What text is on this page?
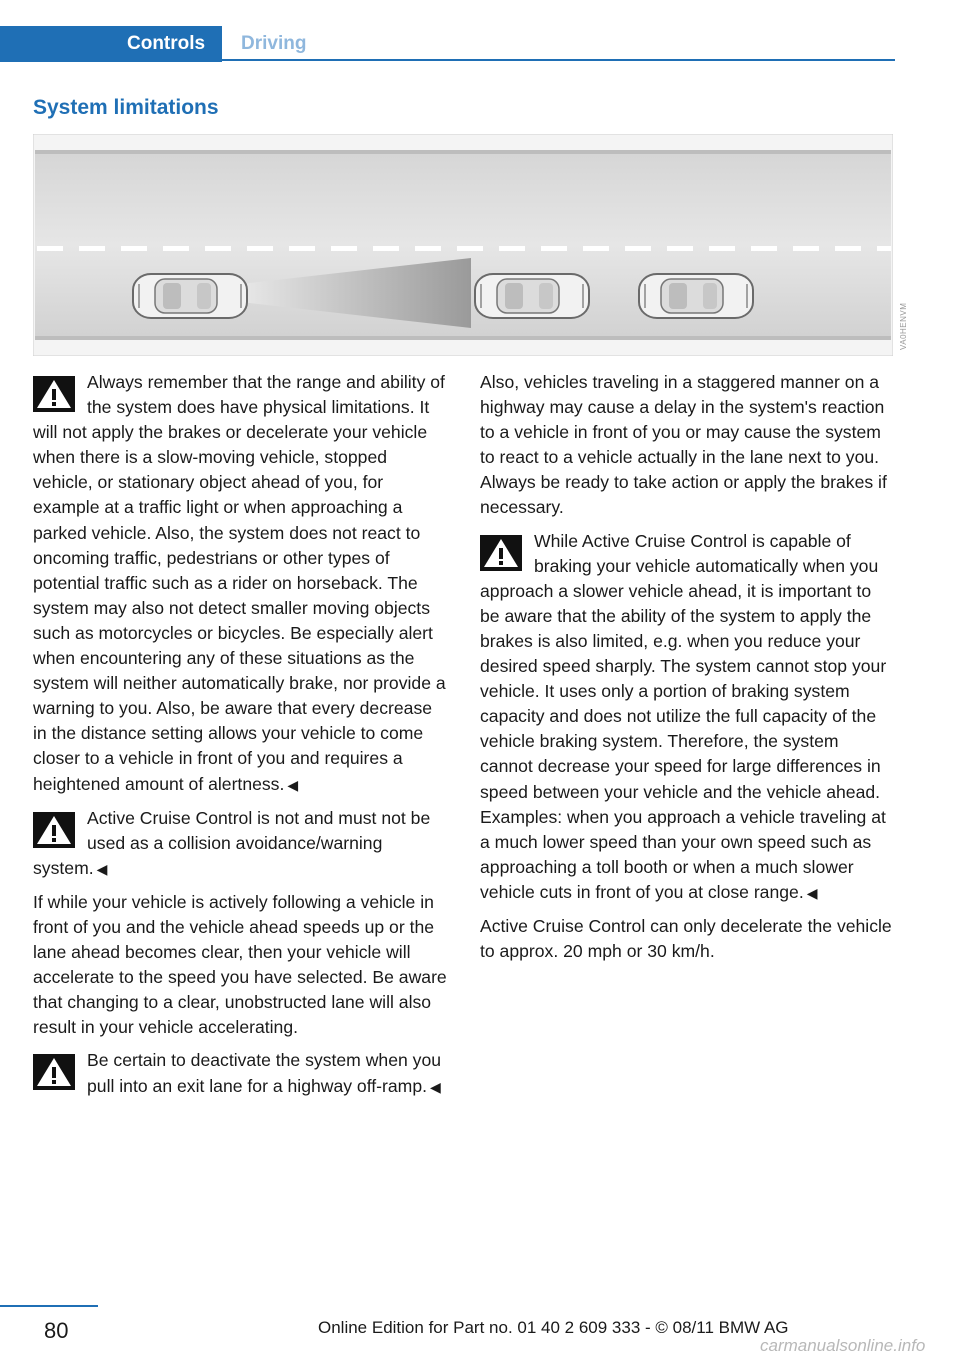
Controls	Driving
System limitations
VA0HENVM

Always remember that the range and ability of the system does have physical limitations. It will not apply the brakes or decelerate your vehicle when there is a slow-moving vehicle, stopped vehicle, or stationary object ahead of you, for example at a traffic light or when approaching a parked vehicle. Also, the system does not react to oncoming traffic, pedestrians or other types of potential traffic such as a rider on horseback. The system may also not detect smaller moving objects such as motorcycles or bicycles. Be especially alert when encountering any of these situations as the system will neither automatically brake, nor provide a warning to you. Also, be aware that every decrease in the distance setting allows your vehicle to come closer to a vehicle in front of you and requires a heightened amount of alertness. ◀

Active Cruise Control is not and must not be used as a collision avoidance/warning system. ◀

If while your vehicle is actively following a vehicle in front of you and the vehicle ahead speeds up or the lane ahead becomes clear, then your vehicle will accelerate to the speed you have selected. Be aware that changing to a clear, unobstructed lane will also result in your vehicle accelerating.

Be certain to deactivate the system when you pull into an exit lane for a highway off-ramp. ◀

Also, vehicles traveling in a staggered manner on a highway may cause a delay in the system's reaction to a vehicle in front of you or may cause the system to react to a vehicle actually in the lane next to you. Always be ready to take action or apply the brakes if necessary.

While Active Cruise Control is capable of braking your vehicle automatically when you approach a slower vehicle ahead, it is important to be aware that the ability of the system to apply the brakes is also limited, e.g. when you reduce your desired speed sharply. The system cannot stop your vehicle. It uses only a portion of braking system capacity and does not utilize the full capacity of the vehicle braking system. Therefore, the system cannot decrease your speed for large differences in speed between your vehicle and the vehicle ahead. Examples: when you approach a vehicle traveling at a much lower speed than your own speed such as approaching a toll booth or when a much slower vehicle cuts in front of you at close range. ◀

Active Cruise Control can only decelerate the vehicle to approx. 20 mph or 30 km/h.

80	Online Edition for Part no. 01 40 2 609 333 - © 08/11 BMW AG
carmanualsonline.info
